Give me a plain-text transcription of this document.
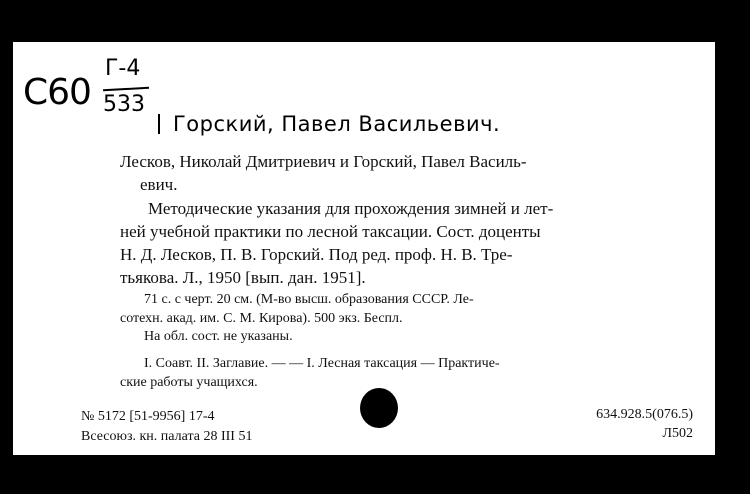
С60
Г-4
533
Горский, Павел Васильевич.
Лесков, Николай Дмитриевич и Горский, Павел Василь-
евич.
Методические указания для прохождения зимней и лет-
ней учебной практики по лесной таксации. Сост. доценты
Н. Д. Лесков, П. В. Горский. Под ред. проф. Н. В. Тре-
тьякова. Л., 1950 [вып. дан. 1951].
71 с. с черт. 20 см. (М-во высш. образования СССР. Ле-
сотехн. акад. им. С. М. Кирова). 500 экз. Беспл.
На обл. сост. не указаны.
I. Соавт. II. Заглавие. — — I. Лесная таксация — Практиче-
ские работы учащихся.
№ 5172 [51-9956] 17-4
Всесоюз. кн. палата 28 III 51
634.928.5(076.5)
Л502
